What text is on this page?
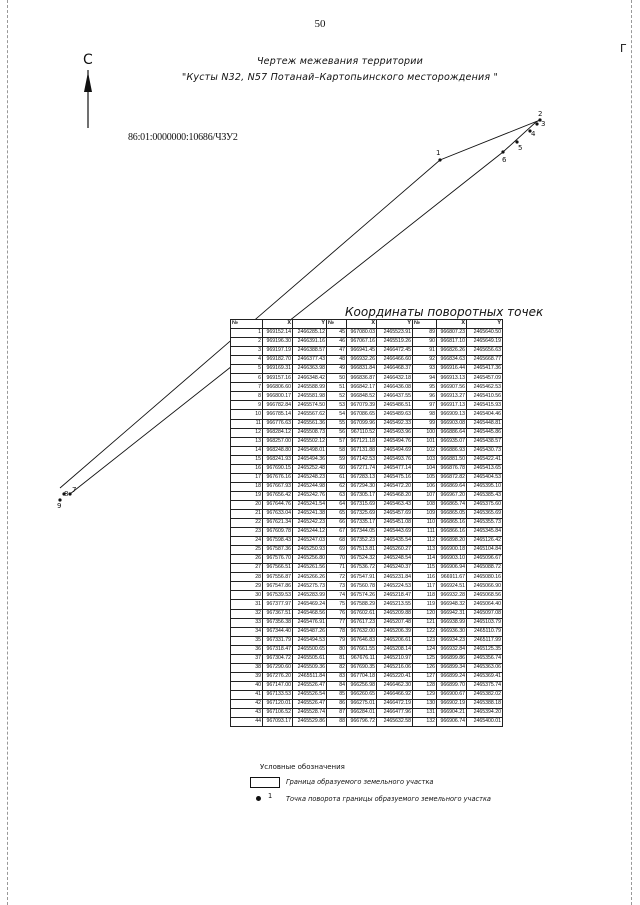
50
Г
Чертеж межевания территории
"Кусты N32, N57 Потанай–Картопьинского месторождения "
С
86:01:0000000:10686/ЧЗУ2
1
2
3
4
5
6
7
8
9
Координаты поворотных точек
№	X	Y	№	X	Y	№	X	Y
1	969152.14	2466285.12	45	967080.03	2465523.91	89	966807.23	2465640.50
2	969196.30	2466391.16	46	967067.16	2465519.26	90	966817.10	2465649.19
3	969197.19	2466388.57	47	966941.45	2466472.45	91	966826.26	2465656.63
4	969182.70	2466377.43	48	966932.26	2466466.60	92	966834.63	2465668.77
5	969169.31	2466363.98	49	966831.84	2466468.37	93	966916.44	2465417.36
6	969157.16	2466348.42	50	966836.87	2466432.18	94	966913.13	2465457.09
7	966806.60	2465588.99	51	966842.17	2466436.08	95	966907.56	2465462.53
8	966800.17	2465581.98	52	966848.52	2466437.55	96	966913.27	2465410.56
9	966782.84	2465574.50	53	967079.39	2465486.51	97	966917.13	2465415.93
10	966785.14	2465567.62	54	967086.65	2465489.63	98	966909.13	2465404.46
11	966776.63	2465561.36	55	967099.96	2465492.33	99	966903.08	2465448.81
12	968284.12	2465508.73	56	967110.52	2465493.96	100	966886.64	2465445.86
13	968257.00	2465502.12	57	967121.18	2465494.76	101	966935.07	2465438.57
14	968248.80	2465498.01	58	967131.88	2465494.69	102	966886.93	2465430.73
15	968241.93	2465494.36	59	967142.53	2465493.76	103	966881.50	2465422.41
16	967690.15	2465252.48	60	967271.74	2465477.14	104	966876.78	2465413.65
17	967676.16	2465248.23	61	967283.13	2465475.16	105	966872.82	2465404.53
18	967667.93	2465244.98	62	967294.30	2465472.20	106	966869.64	2465395.10
19	967656.42	2465242.76	63	967305.17	2465468.20	107	966967.20	2465385.43
20	967644.76	2465241.54	64	967315.69	2465463.43	108	966865.74	2465375.60
21	967633.04	2465241.38	65	967325.69	2465457.69	109	966865.05	2465365.69
22	967621.34	2465242.23	66	967335.17	2465451.08	110	966865.16	2465355.73
23	967609.78	2465244.12	67	967344.05	2465443.69	111	966866.16	2465345.84
24	967598.43	2465247.03	68	967352.23	2465435.54	112	966898.20	2465126.42
25	967587.36	2465250.93	69	967513.81	2465260.27	113	966900.18	2465104.84
26	967576.70	2465256.80	70	967524.32	2465248.54	114	966903.10	2465096.67
27	967566.51	2465261.56	71	967536.72	2465240.37	115	966906.94	2465088.72
28	967556.87	2465266.26	72	967547.91	2465231.84	116	966911.67	2465080.16
29	967547.86	2465275.73	73	967560.78	2465224.53	117	966924.51	2465066.90
30	967539.53	2465283.99	74	967574.26	2465218.47	118	966932.28	2465068.56
31	967377.97	2465469.24	75	967588.29	2465213.55	119	966948.32	2465064.40
32	967367.51	2465468.56	76	967602.61	2465209.88	120	966942.31	2465097.08
33	967356.38	2465476.91	77	967617.23	2465207.48	121	966938.99	2465103.79
34	967344.40	2465487.26	78	967632.00	2465206.39	122	966936.30	2465110.79
35	967331.79	2465494.53	79	967646.83	2465206.61	123	966934.23	2465117.99
36	967318.47	2465500.65	80	967661.55	2465208.14	124	966932.84	2465125.35
37	967304.72	2465505.61	81	967676.11	2465210.97	125	966899.86	2465356.74
38	967290.60	2465509.36	82	967690.35	2465216.06	126	966899.34	2465363.06
39	967276.20	2465511.84	83	967704.18	2465220.41	127	966899.24	2465369.41
40	967147.00	2465526.47	84	966256.98	2466462.30	128	966899.70	2465375.74
41	967133.53	2465526.54	85	966260.65	2466466.92	129	966900.67	2465382.02
42	967120.01	2465526.47	86	966275.01	2466472.19	130	966902.19	2465388.18
43	967106.52	2465528.74	87	966284.01	2466477.96	131	966904.21	2465394.20
44	967093.17	2465529.86	88	966796.72	2465632.58	132	966906.74	2465400.01
Условные обозначения
Граница образуемого земельного участка
1 Точка поворота границы образуемого земельного участка
